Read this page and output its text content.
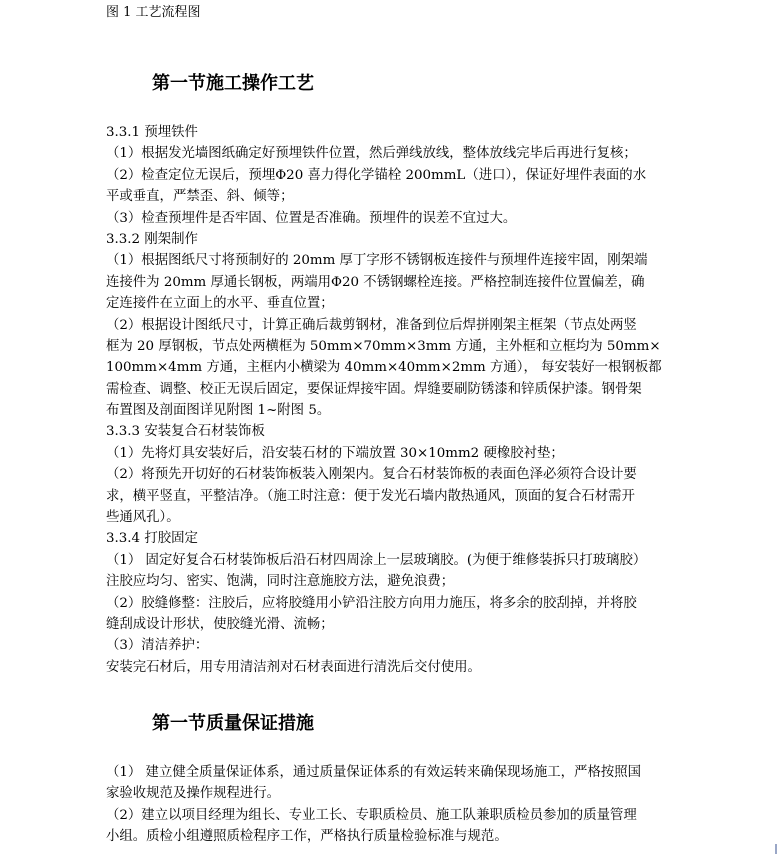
图 1 工艺流程图
第一节施工操作工艺
3.3.1 预埋铁件
（1）根据发光墙图纸确定好预埋铁件位置，然后弹线放线，整体放线完毕后再进行复核；
（2）检查定位无误后，预埋Φ20 喜力得化学锚栓 200mmL（进口），保证好埋件表面的水
平或垂直，严禁歪、斜、倾等；
（3）检查预埋件是否牢固、位置是否准确。预埋件的误差不宜过大。
3.3.2 刚架制作
（1）根据图纸尺寸将预制好的 20mm 厚丁字形不锈钢板连接件与预埋件连接牢固，刚架端
连接件为 20mm 厚通长钢板，两端用Φ20 不锈钢螺栓连接。严格控制连接件位置偏差，确
定连接件在立面上的水平、垂直位置；
（2）根据设计图纸尺寸，计算正确后裁剪钢材，准备到位后焊拼刚架主框架（节点处两竖
框为 20 厚钢板，节点处两横框为 50mm×70mm×3mm 方通，主外框和立框均为 50mm×
100mm×4mm 方通，主框内小横梁为 40mm×40mm×2mm 方通）， 每安装好一根钢板都
需检查、调整、校正无误后固定，要保证焊接牢固。焊缝要刷防锈漆和锌质保护漆。钢骨架
布置图及剖面图详见附图 1~附图 5。
3.3.3 安装复合石材装饰板
（1）先将灯具安装好后，沿安装石材的下端放置 30×10mm2 硬橡胶衬垫；
（2）将预先开切好的石材装饰板装入刚架内。复合石材装饰板的表面色泽必须符合设计要
求，横平竖直，平整洁净。（施工时注意：便于发光石墙内散热通风，顶面的复合石材需开
些通风孔）。
3.3.4 打胶固定
（1） 固定好复合石材装饰板后沿石材四周涂上一层玻璃胶。(为便于维修装拆只打玻璃胶）
注胶应均匀、密实、饱满，同时注意施胶方法，避免浪费；
（2）胶缝修整：注胶后，应将胶缝用小铲沿注胶方向用力施压，将多余的胶刮掉，并将胶
缝刮成设计形状，使胶缝光滑、流畅；
（3）清洁养护：
安装完石材后，用专用清洁剂对石材表面进行清洗后交付使用。
第一节质量保证措施
（1） 建立健全质量保证体系，通过质量保证体系的有效运转来确保现场施工，严格按照国
家验收规范及操作规程进行。
（2）建立以项目经理为组长、专业工长、专职质检员、施工队兼职质检员参加的质量管理
小组。质检小组遵照质检程序工作，严格执行质量检验标准与规范。
